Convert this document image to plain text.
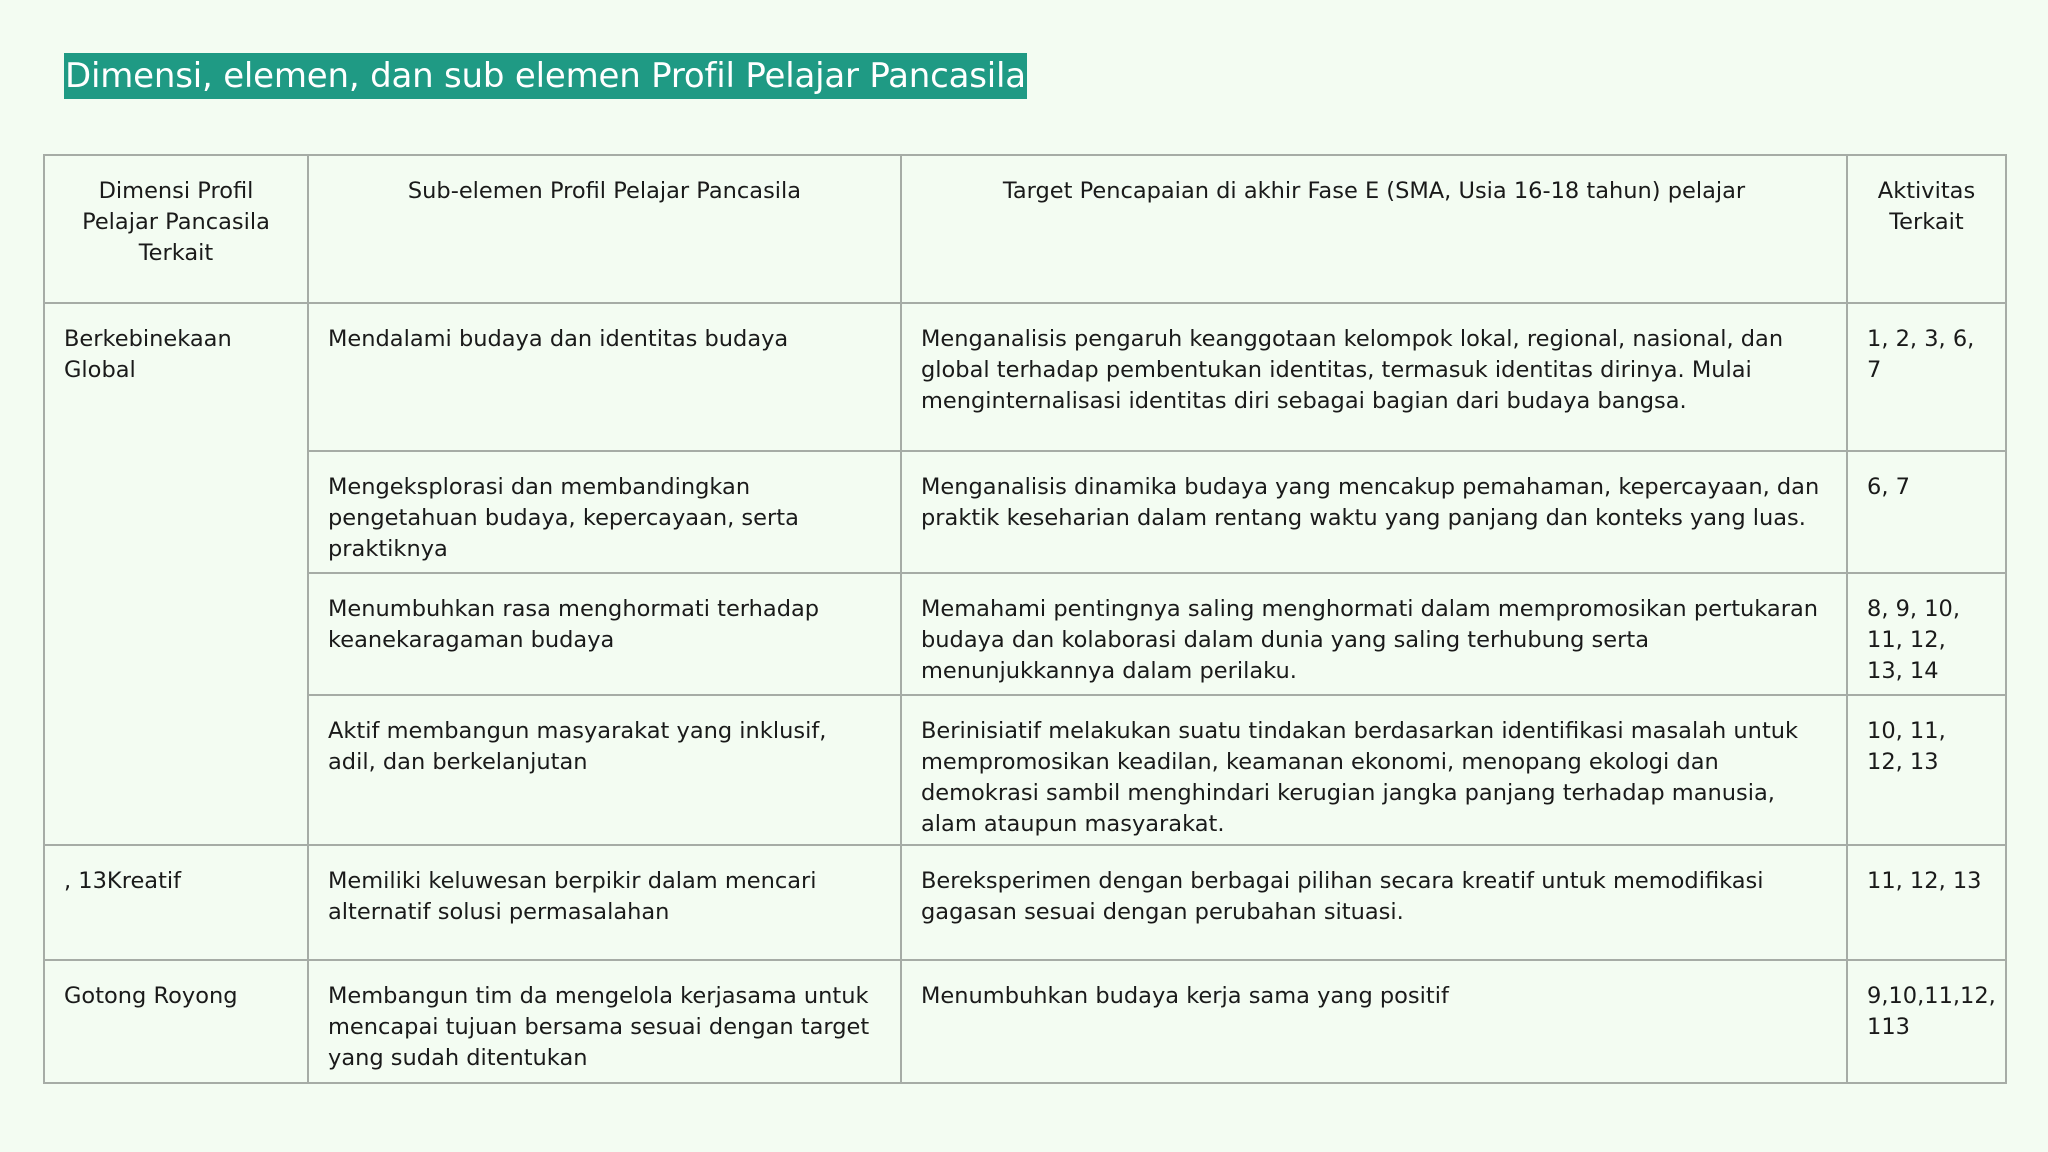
Dimensi, elemen, dan sub elemen Profil Pelajar Pancasila
Dimensi Profil Pelajar Pancasila Terkait	Sub-elemen Profil Pelajar Pancasila	Target Pencapaian di akhir Fase E (SMA, Usia 16-18 tahun) pelajar	Aktivitas Terkait
Berkebinekaan Global	Mendalami budaya dan identitas budaya	Menganalisis pengaruh keanggotaan kelompok lokal, regional, nasional, dan global terhadap pembentukan identitas, termasuk identitas dirinya. Mulai menginternalisasi identitas diri sebagai bagian dari budaya bangsa.	1, 2, 3, 6, 7
	Mengeksplorasi dan membandingkan pengetahuan budaya, kepercayaan, serta praktiknya	Menganalisis dinamika budaya yang mencakup pemahaman, kepercayaan, dan praktik keseharian dalam rentang waktu yang panjang dan konteks yang luas.	6, 7
	Menumbuhkan rasa menghormati terhadap keanekaragaman budaya	Memahami pentingnya saling menghormati dalam mempromosikan pertukaran budaya dan kolaborasi dalam dunia yang saling terhubung serta menunjukkannya dalam perilaku.	8, 9, 10, 11, 12, 13, 14
	Aktif membangun masyarakat yang inklusif, adil, dan berkelanjutan	Berinisiatif melakukan suatu tindakan berdasarkan identifikasi masalah untuk mempromosikan keadilan, keamanan ekonomi, menopang ekologi dan demokrasi sambil menghindari kerugian jangka panjang terhadap manusia, alam ataupun masyarakat.	10, 11, 12, 13
, 13Kreatif	Memiliki keluwesan berpikir dalam mencari alternatif solusi permasalahan	Bereksperimen dengan berbagai pilihan secara kreatif untuk memodifikasi gagasan sesuai dengan perubahan situasi.	11, 12, 13
Gotong Royong	Membangun tim da mengelola kerjasama untuk mencapai tujuan bersama sesuai dengan target yang sudah ditentukan	Menumbuhkan budaya kerja sama yang positif	9,10,11,12, 113
